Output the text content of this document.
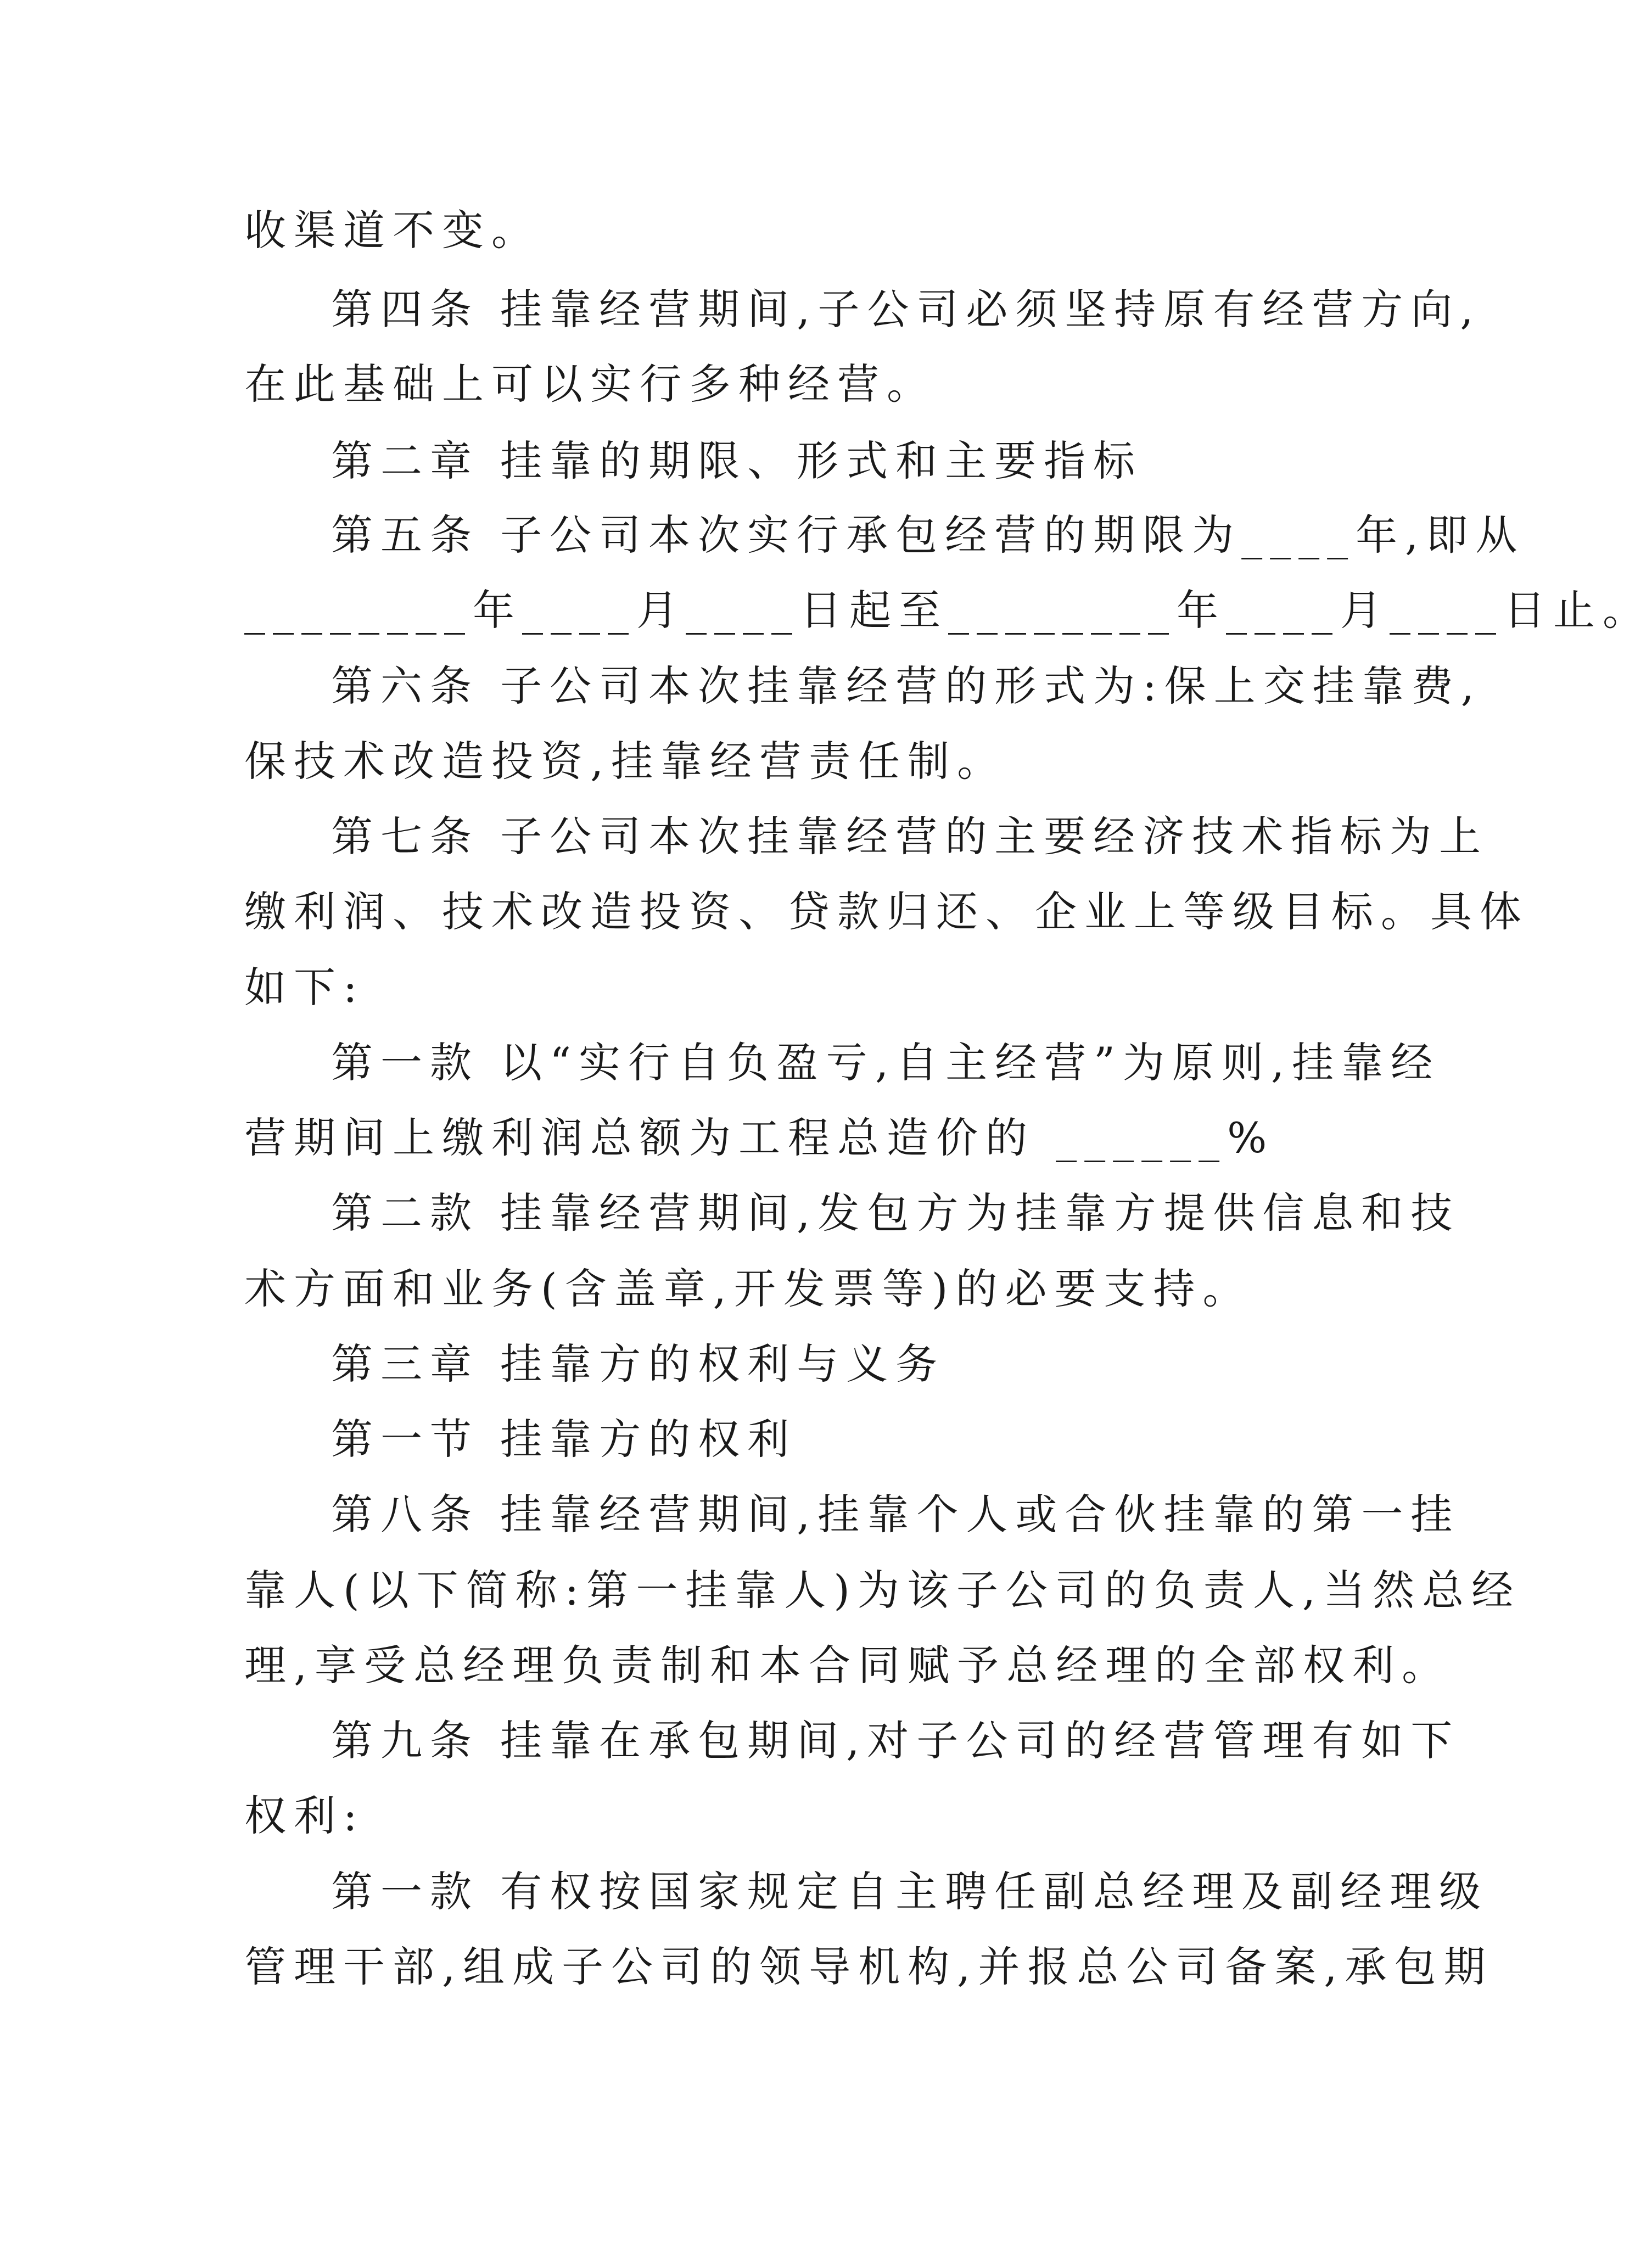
收渠道不变。
第四条 挂靠经营期间,子公司必须坚持原有经营方向,
在此基础上可以实行多种经营。
第二章 挂靠的期限、形式和主要指标
第五条 子公司本次实行承包经营的期限为____年,即从
________年____月____日起至________年____月____日止。
第六条 子公司本次挂靠经营的形式为:保上交挂靠费,
保技术改造投资,挂靠经营责任制。
第七条 子公司本次挂靠经营的主要经济技术指标为上
缴利润、技术改造投资、贷款归还、企业上等级目标。具体
如下:
第一款 以“实行自负盈亏,自主经营”为原则,挂靠经
营期间上缴利润总额为工程总造价的 ______%
第二款 挂靠经营期间,发包方为挂靠方提供信息和技
术方面和业务(含盖章,开发票等)的必要支持。
第三章 挂靠方的权利与义务
第一节 挂靠方的权利
第八条 挂靠经营期间,挂靠个人或合伙挂靠的第一挂
靠人(以下简称:第一挂靠人)为该子公司的负责人,当然总经
理,享受总经理负责制和本合同赋予总经理的全部权利。
第九条 挂靠在承包期间,对子公司的经营管理有如下
权利:
第一款 有权按国家规定自主聘任副总经理及副经理级
管理干部,组成子公司的领导机构,并报总公司备案,承包期
